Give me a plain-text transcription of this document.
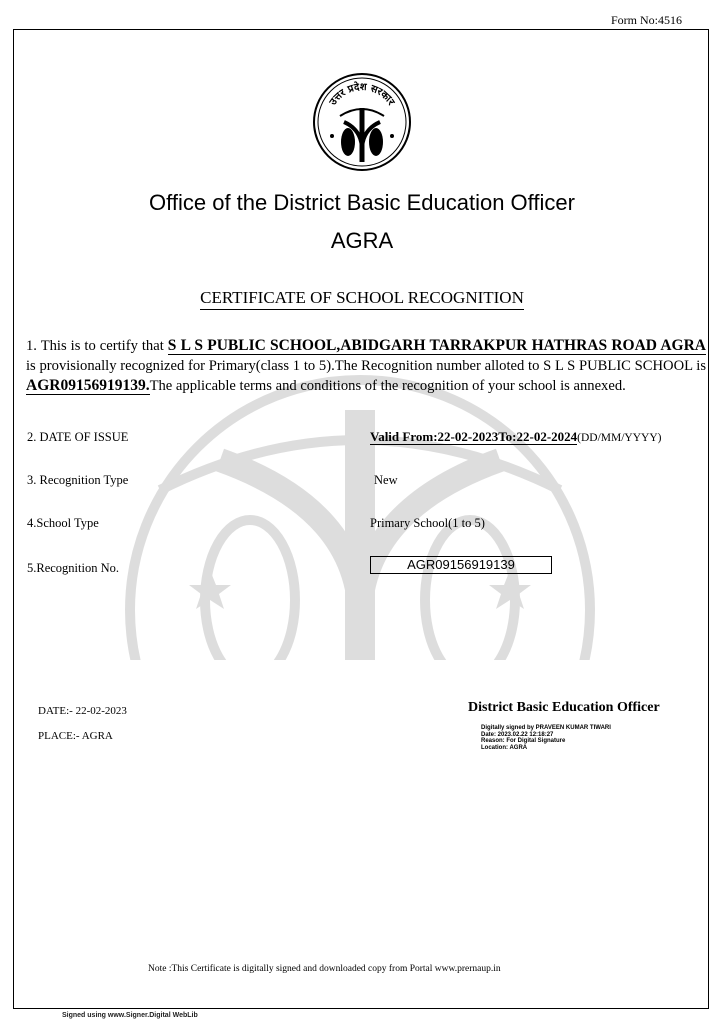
Form No:4516
उत्तर प्रदेश सरकार
Office of the District Basic Education Officer
AGRA
CERTIFICATE OF SCHOOL RECOGNITION
1. This is to certify that S L S PUBLIC SCHOOL,ABIDGARH TARRAKPUR HATHRAS ROAD AGRA is provisionally recognized for Primary(class 1 to 5).The Recognition number alloted to S L S PUBLIC SCHOOL is AGR09156919139.The applicable terms and conditions of the recognition of your school is annexed.
2. DATE OF ISSUE	Valid From:22-02-2023To:22-02-2024(DD/MM/YYYY)
3. Recognition Type	New
4.School Type	Primary School(1 to 5)
5.Recognition No.	AGR09156919139
DATE:- 22-02-2023
PLACE:- AGRA
District Basic Education Officer
Digitally signed by PRAVEEN KUMAR TIWARI
Date: 2023.02.22 12:18:27
Reason: For Digital Signature
Location: AGRA
Note :This Certificate is digitally signed and downloaded copy from Portal www.prernaup.in
Signed using www.Signer.Digital WebLib
